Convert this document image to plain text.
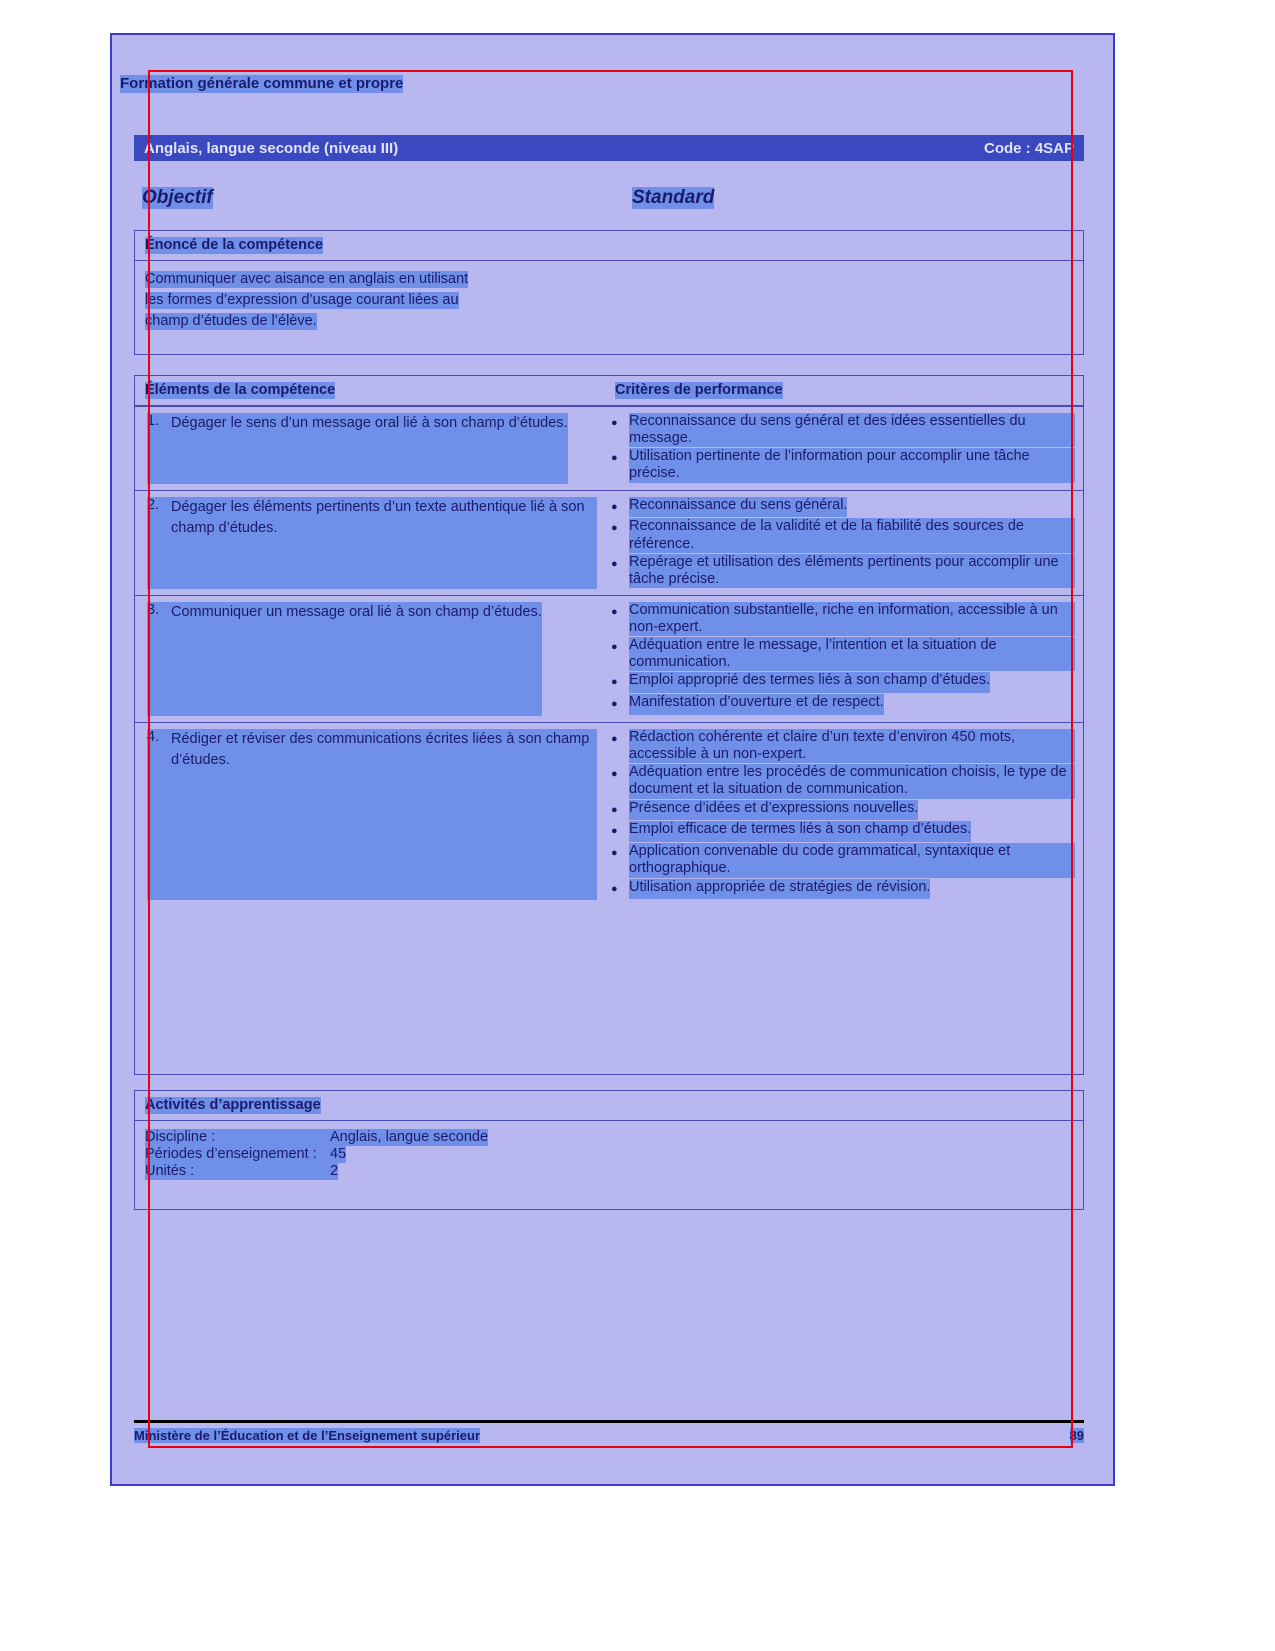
Formation générale commune et propre
Anglais, langue seconde (niveau III)	Code : 4SAP
Objectif	Standard
Énoncé de la compétence

Communiquer avec aisance en anglais en utilisant

les formes d’expression d’usage courant liées au

champ d’études de l’élève.

Éléments de la compétence	Critères de performance
1. Dégager le sens d’un message oral lié à son champ d’études.	● Reconnaissance du sens général et des idées essentielles du message.
● Utilisation pertinente de l’information pour accomplir une tâche précise.
2. Dégager les éléments pertinents d’un texte authentique lié à son champ d’études.
● Reconnaissance du sens général.
● Reconnaissance de la validité et de la fiabilité des sources de référence.
● Repérage et utilisation des éléments pertinents pour accomplir une tâche précise.
3. Communiquer un message oral lié à son champ d’études.	● Communication substantielle, riche en information, accessible à un non-expert.
● Adéquation entre le message, l’intention et la situation de communication.
● Emploi approprié des termes liés à son champ d’études.
● Manifestation d’ouverture et de respect.
4. Rédiger et réviser des communications écrites liées à son champ d’études.
● Rédaction cohérente et claire d’un texte d’environ 450 mots, accessible à un non-expert.
● Adéquation entre les procédés de communication choisis, le type de document et la situation de communication.
● Présence d’idées et d’expressions nouvelles.
● Emploi efficace de termes liés à son champ d’études.
● Application convenable du code grammatical, syntaxique et orthographique.
● Utilisation appropriée de stratégies de révision.
Activités d’apprentissage
Discipline :	Anglais, langue seconde
Périodes d’enseignement : 45
Unités :	2
Ministère de l’Éducation et de l’Enseignement supérieur	89
